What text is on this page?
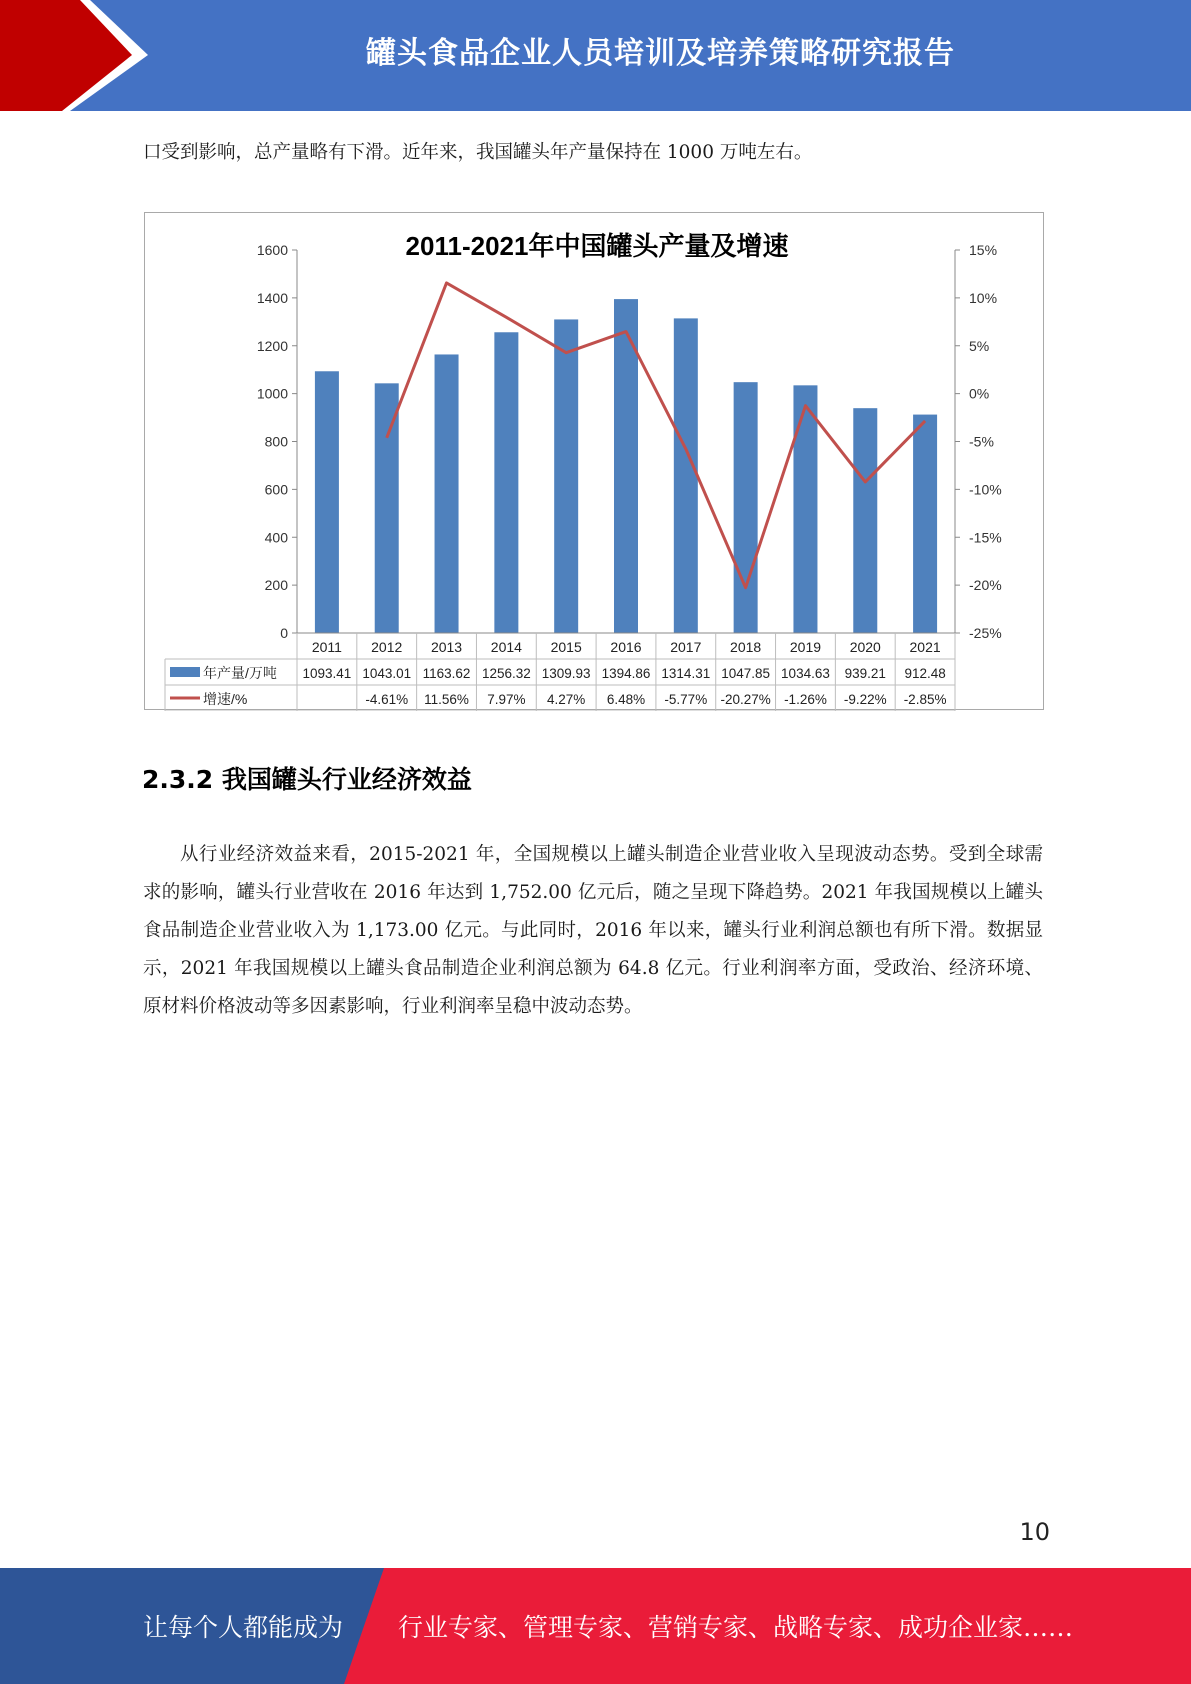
罐头食品企业人员培训及培养策略研究报告

口受到影响，总产量略有下滑。近年来，我国罐头年产量保持在 1000 万吨左右。

2011-2021年中国罐头产量及增速
0
200
400
600
800
1000
1200
1400
1600
-25%
-20%
-15%
-10%
-5%
0%
5%
10%
15%
2011 2012 2013 2014 2015 2016 2017 2018 2019 2020 2021
年产量/万吨 1093.41 1043.01 1163.62 1256.32 1309.93 1394.86 1314.31 1047.85 1034.63 939.21 912.48
增速/%	-4.61% 11.56% 7.97% 4.27% 6.48% -5.77% -20.27% -1.26% -9.22% -2.85%
2.3.2 我国罐头行业经济效益

从行业经济效益来看，2015-2021 年，全国规模以上罐头制造企业营业收入呈现波动态势。受到全球需求的影响，罐头行业营收在 2016 年达到 1,752.00 亿元后，随之呈现下降趋势。2021 年我国规模以上罐头食品制造企业营业收入为 1,173.00 亿元。与此同时，2016 年以来，罐头行业利润总额也有所下滑。数据显示，2021 年我国规模以上罐头食品制造企业利润总额为 64.8 亿元。行业利润率方面，受政治、经济环境、原材料价格波动等多因素影响，行业利润率呈稳中波动态势。

10
让每个人都能成为 行业专家、管理专家、营销专家、战略专家、成功企业家……
